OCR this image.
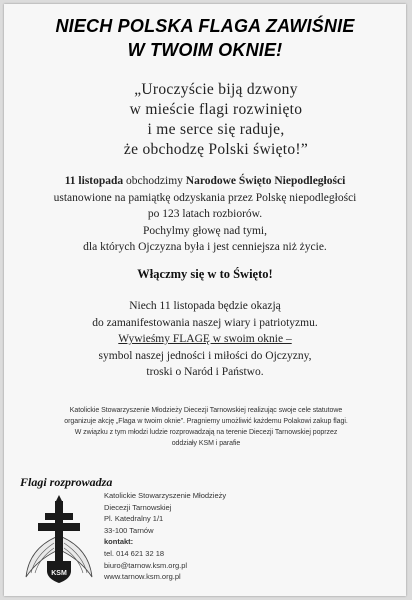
NIECH POLSKA FLAGA ZAWIŚNIE
W TWOIM OKNIE!
„Uroczyście biją dzwony
w mieście flagi rozwinięto
i me serce się raduje,
że obchodzę Polski święto!”
11 listopada obchodzimy Narodowe Święto Niepodległości
ustanowione na pamiątkę odzyskania przez Polskę niepodległości
po 123 latach rozbiorów.
Pochylmy głowę nad tymi,
dla których Ojczyzna była i jest cenniejsza niż życie.
Włączmy się w to Święto!
Niech 11 listopada będzie okazją
do zamanifestowania naszej wiary i patriotyzmu.
Wywieśmy FLAGĘ w swoim oknie –
symbol naszej jedności i miłości do Ojczyzny,
troski o Naród i Państwo.
Katolickie Stowarzyszenie Młodzieży Diecezji Tarnowskiej realizując swoje cele statutowe
organizuje akcję „Flaga w twoim oknie”. Pragniemy umożliwić każdemu Polakowi zakup flagi.
W związku z tym młodzi ludzie rozprowadzają na terenie Diecezji Tarnowskiej poprzez
oddziały KSM i parafie
Flagi rozprowadza
KSM
Katolickie Stowarzyszenie Młodzieży
Diecezji Tarnowskiej
Pl. Katedralny 1/1
33-100 Tarnów
kontakt:
tel. 014 621 32 18
biuro@tarnow.ksm.org.pl
www.tarnow.ksm.org.pl
